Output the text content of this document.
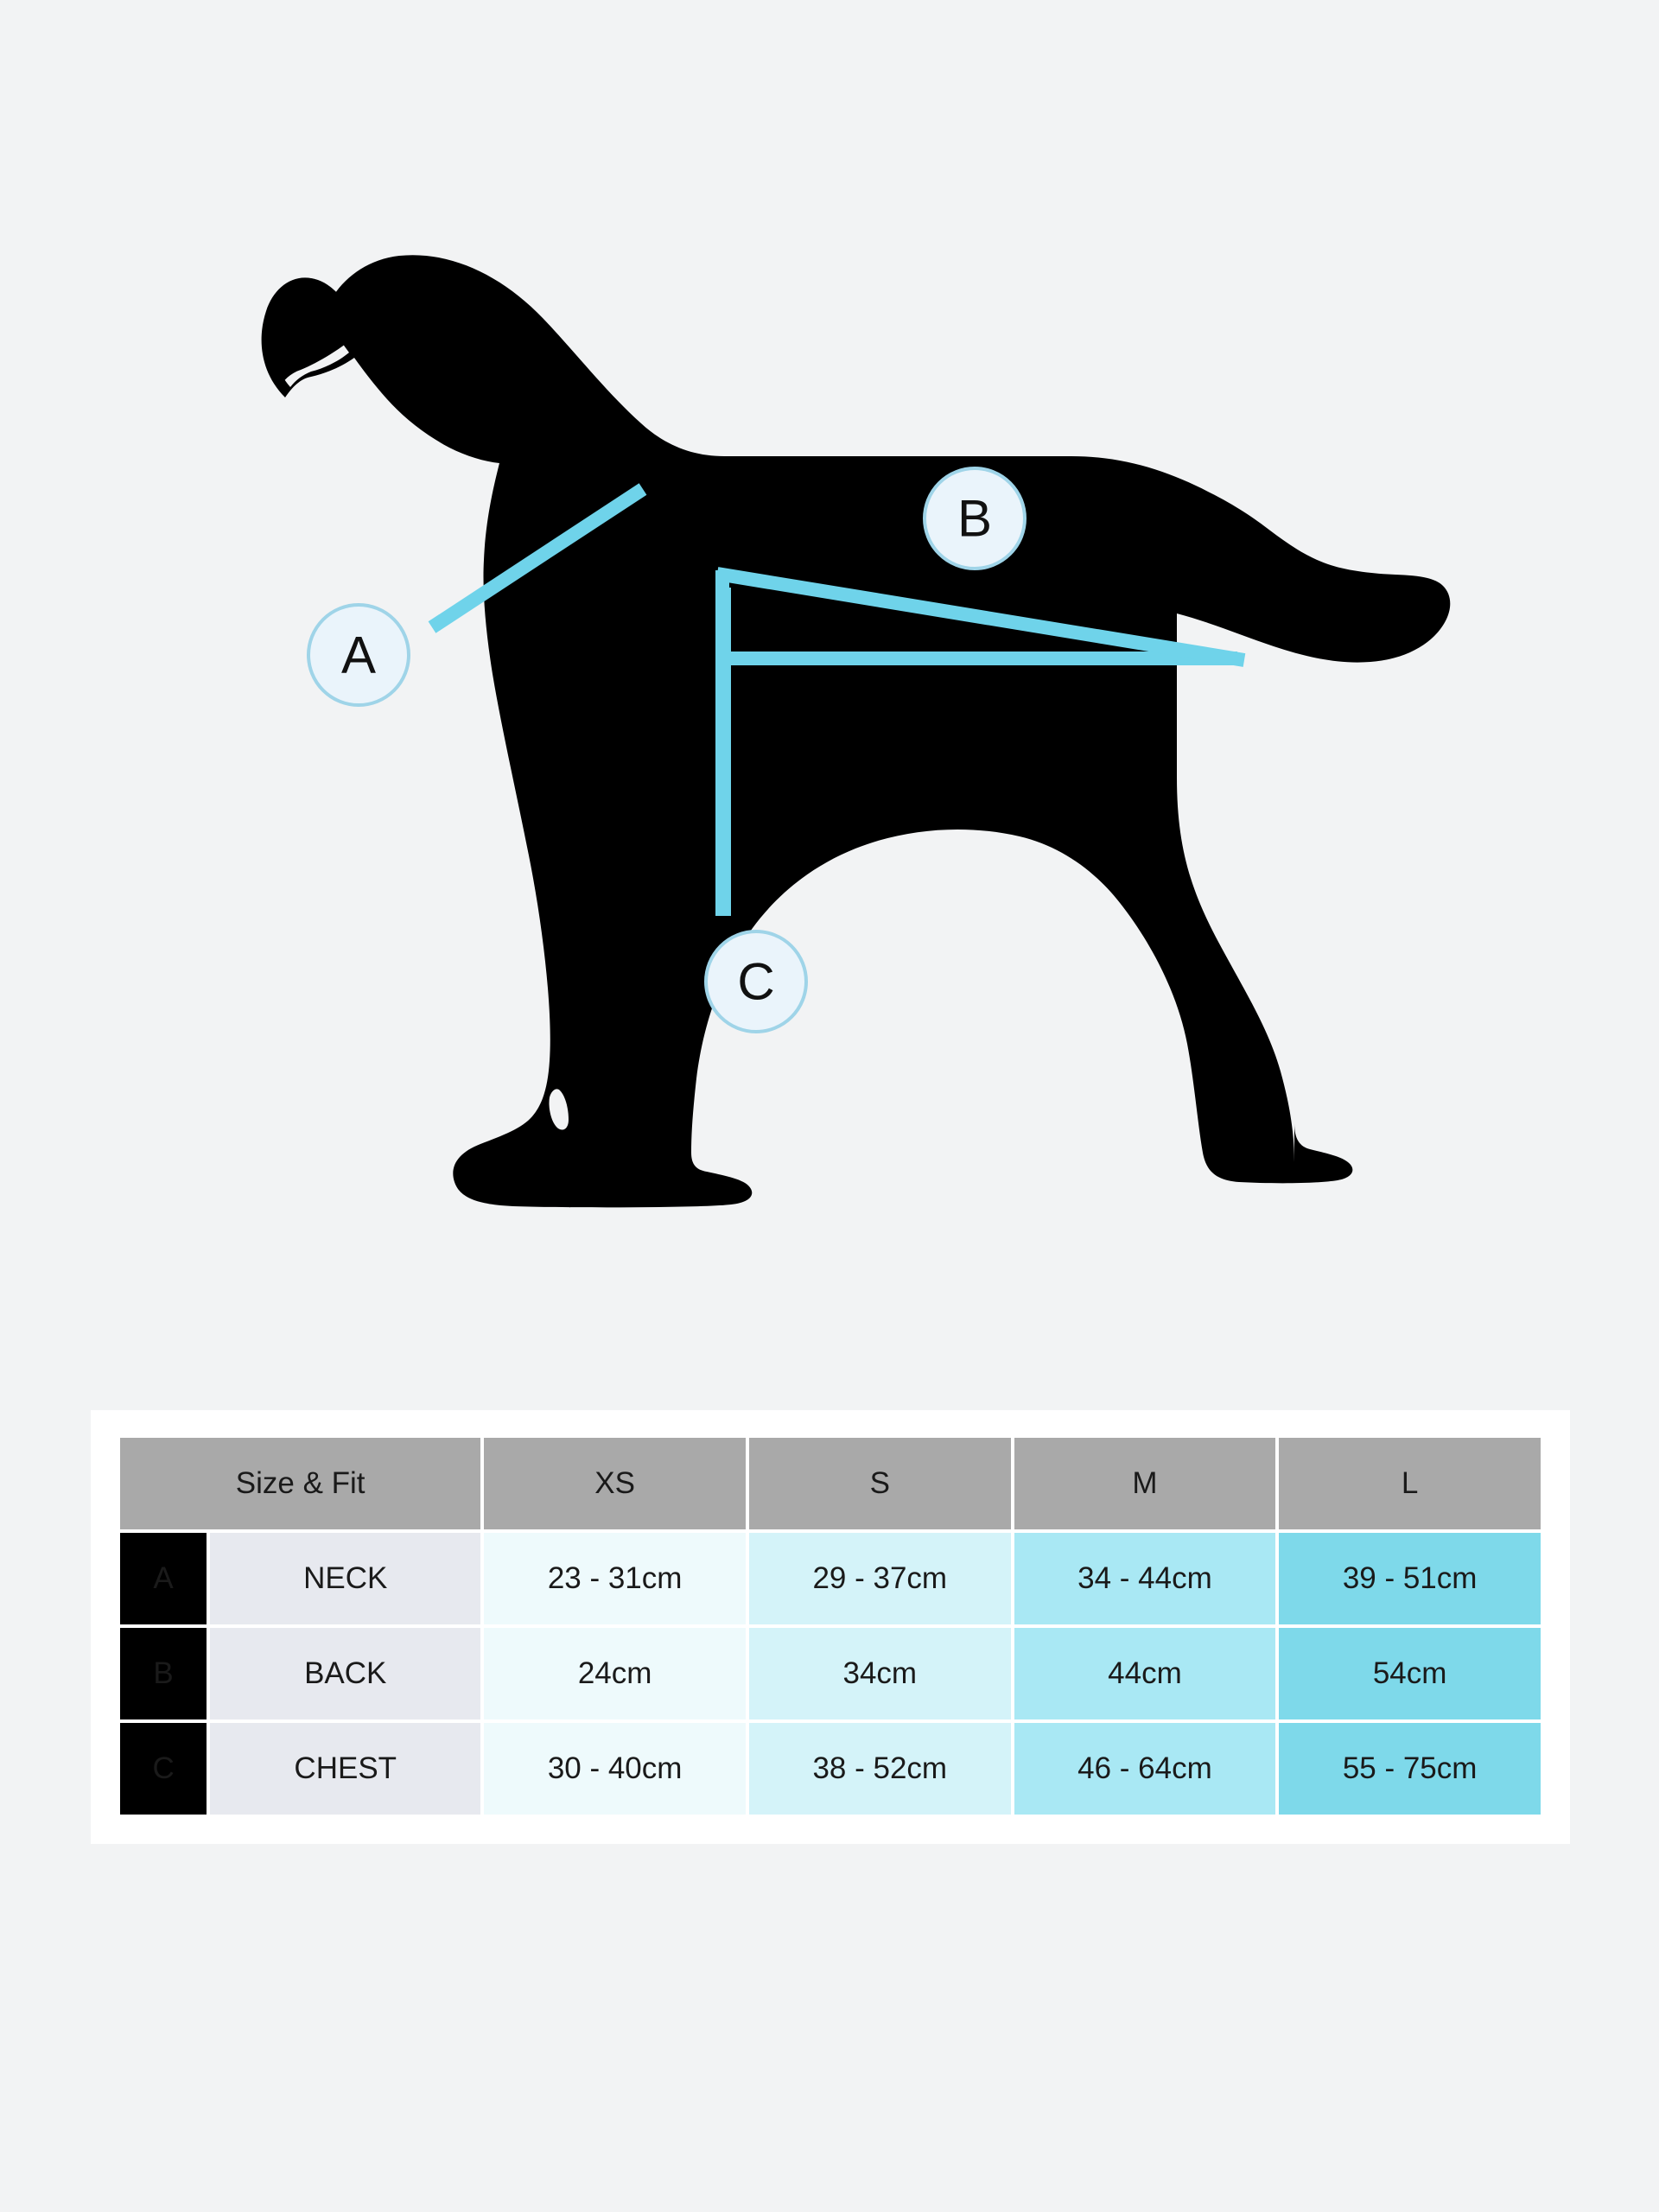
A
B
C
Size & Fit		XS	S	M	L
A	NECK	23 - 31cm	29 - 37cm	34 - 44cm	39 - 51cm
B	BACK	24cm	34cm	44cm	54cm
C	CHEST	30 - 40cm	38 - 52cm	46 - 64cm	55 - 75cm
